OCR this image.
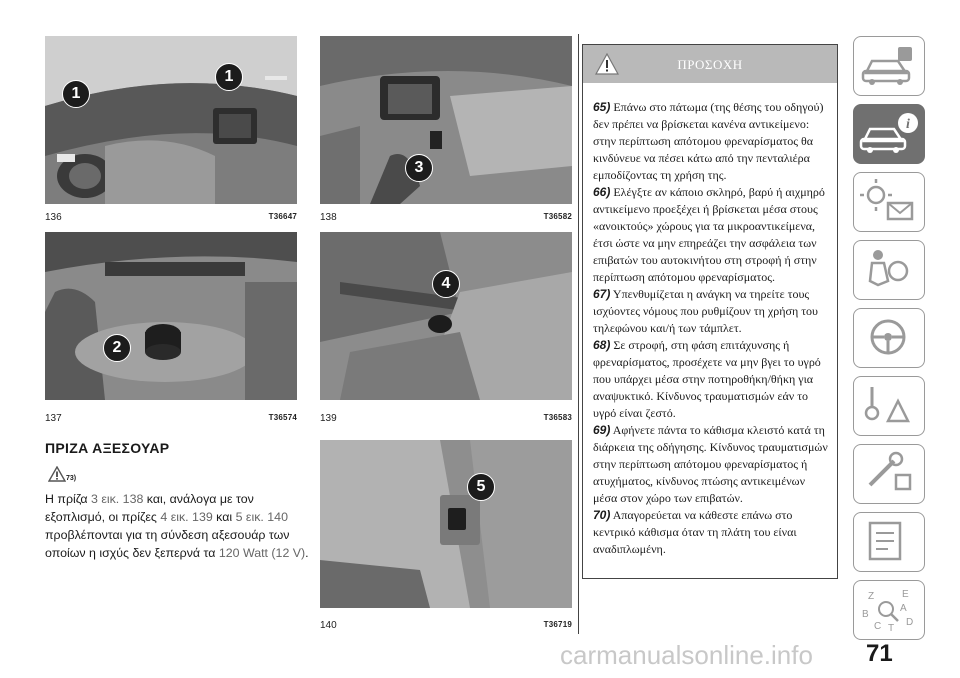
1
1
136	T36647
2
137	T36574
ΠΡΙΖΑ ΑΞΕΣΟΥΑΡ
73)
Η πρίζα 3 εικ. 138 και, ανάλογα με τον εξοπλισμό, οι πρίζες 4 εικ. 139 και 5 εικ. 140 προβλέπονται για τη σύνδεση αξεσουάρ των οποίων η ισχύς δεν ξεπερνά τα 120 Watt (12 V).
3
138	T36582
4
139	T36583
5
140	T36719
ΠΡΟΣΟΧΗ
65) Επάνω στο πάτωμα (της θέσης του οδηγού) δεν πρέπει να βρίσκεται κανένα αντικείμενο: στην περίπτωση απότομου φρεναρίσματος θα κινδύνευε να πέσει κάτω από την πενταλιέρα εμποδίζοντας τη χρήση της.
66) Ελέγξτε αν κάποιο σκληρό, βαρύ ή αιχμηρό αντικείμενο προεξέχει ή βρίσκεται μέσα στους «ανοικτούς» χώρους για τα μικροαντικείμενα, έτσι ώστε να μην επηρεάζει την ασφάλεια των επιβατών του αυτοκινήτου στη στροφή ή στην περίπτωση απότομου φρεναρίσματος.
67) Υπενθυμίζεται η ανάγκη να τηρείτε τους ισχύοντες νόμους που ρυθμίζουν τη χρήση του τηλεφώνου και/ή των τάμπλετ.
68) Σε στροφή, στη φάση επιτάχυνσης ή φρεναρίσματος, προσέχετε να μην βγει το υγρό που υπάρχει μέσα στην ποτηροθήκη/θήκη για αναψυκτικό. Κίνδυνος τραυματισμών εάν το υγρό είναι ζεστό.
69) Αφήνετε πάντα το κάθισμα κλειστό κατά τη διάρκεια της οδήγησης. Κίνδυνος τραυματισμών στην περίπτωση απότομου φρεναρίσματος ή ατυχήματος, κίνδυνος πτώσης αντικειμένων μέσα στον χώρο των επιβατών.
70) Απαγορεύεται να κάθεστε επάνω στο κεντρικό κάθισμα όταν τη πλάτη του είναι αναδιπλωμένη.
i
Z	E
B
C T
D
A
carmanualsonline.info 71
